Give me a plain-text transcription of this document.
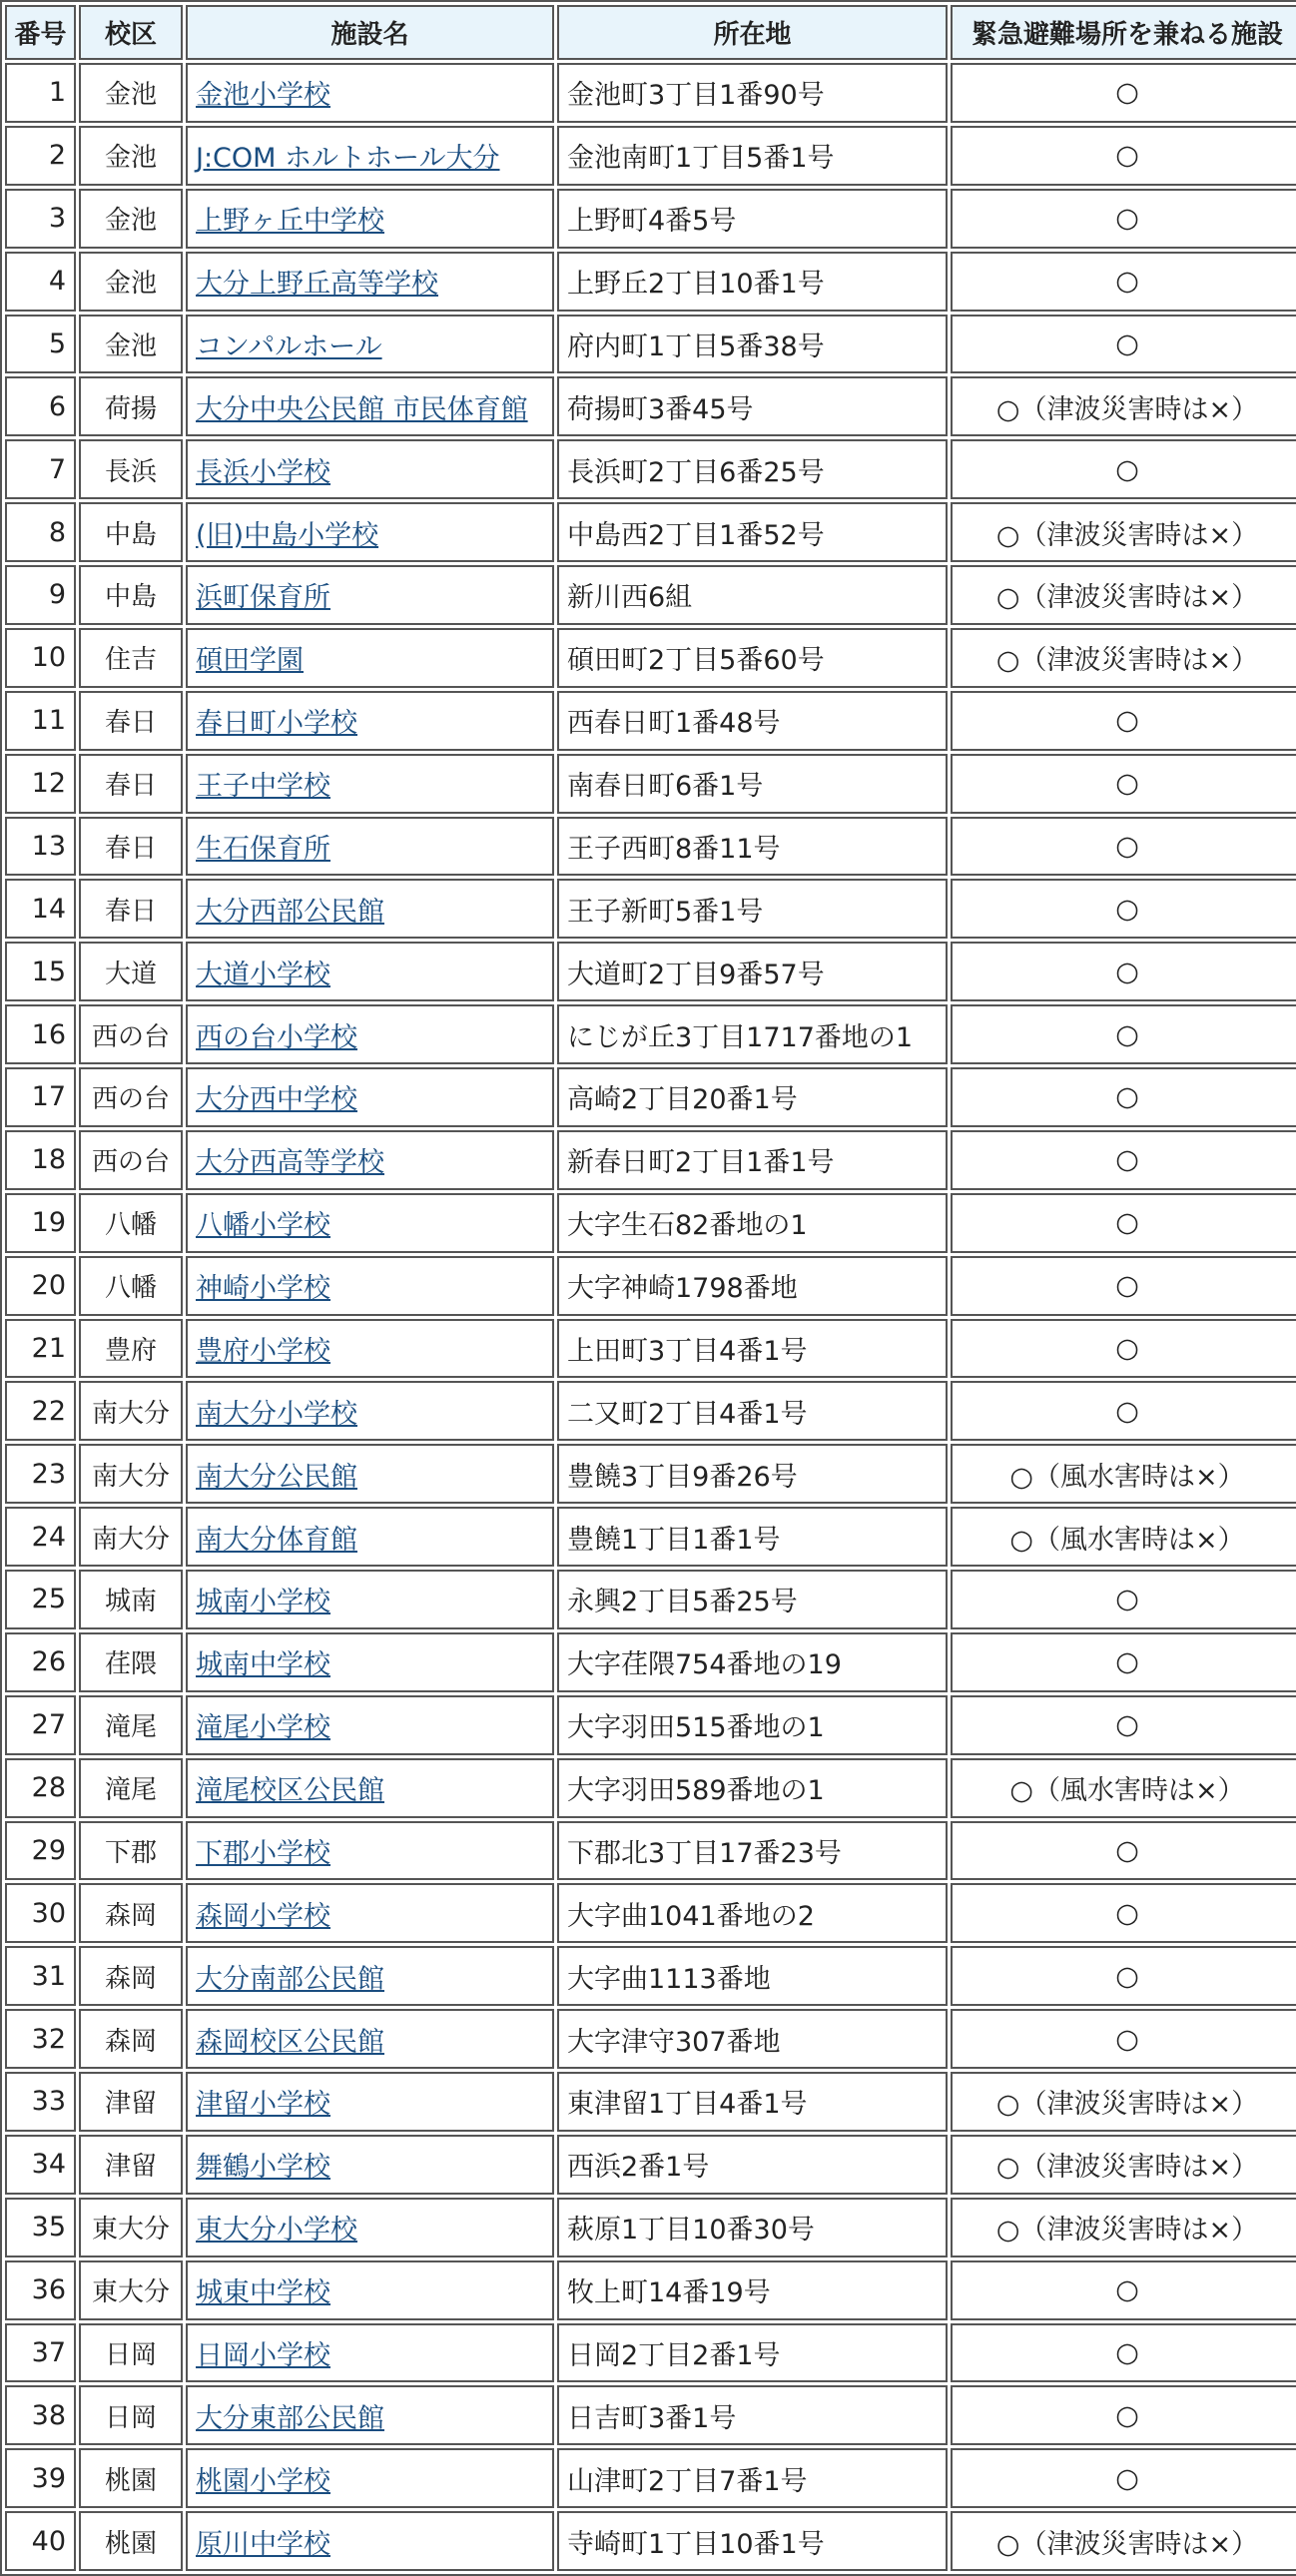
番号	校区	施設名	所在地	緊急避難場所を兼ねる施設
1	金池	金池小学校	金池町3丁目1番90号	○
2	金池	J:COM ホルトホール大分	金池南町1丁目5番1号	○
3	金池	上野ヶ丘中学校	上野町4番5号	○
4	金池	大分上野丘高等学校	上野丘2丁目10番1号	○
5	金池	コンパルホール	府内町1丁目5番38号	○
6	荷揚	大分中央公民館 市民体育館	荷揚町3番45号	○（津波災害時は×）
7	長浜	長浜小学校	長浜町2丁目6番25号	○
8	中島	(旧)中島小学校	中島西2丁目1番52号	○（津波災害時は×）
9	中島	浜町保育所	新川西6組	○（津波災害時は×）
10	住吉	碩田学園	碩田町2丁目5番60号	○（津波災害時は×）
11	春日	春日町小学校	西春日町1番48号	○
12	春日	王子中学校	南春日町6番1号	○
13	春日	生石保育所	王子西町8番11号	○
14	春日	大分西部公民館	王子新町5番1号	○
15	大道	大道小学校	大道町2丁目9番57号	○
16	西の台	西の台小学校	にじが丘3丁目1717番地の1	○
17	西の台	大分西中学校	高崎2丁目20番1号	○
18	西の台	大分西高等学校	新春日町2丁目1番1号	○
19	八幡	八幡小学校	大字生石82番地の1	○
20	八幡	神崎小学校	大字神崎1798番地	○
21	豊府	豊府小学校	上田町3丁目4番1号	○
22	南大分	南大分小学校	二又町2丁目4番1号	○
23	南大分	南大分公民館	豊饒3丁目9番26号	○（風水害時は×）
24	南大分	南大分体育館	豊饒1丁目1番1号	○（風水害時は×）
25	城南	城南小学校	永興2丁目5番25号	○
26	荏隈	城南中学校	大字荏隈754番地の19	○
27	滝尾	滝尾小学校	大字羽田515番地の1	○
28	滝尾	滝尾校区公民館	大字羽田589番地の1	○（風水害時は×）
29	下郡	下郡小学校	下郡北3丁目17番23号	○
30	森岡	森岡小学校	大字曲1041番地の2	○
31	森岡	大分南部公民館	大字曲1113番地	○
32	森岡	森岡校区公民館	大字津守307番地	○
33	津留	津留小学校	東津留1丁目4番1号	○（津波災害時は×）
34	津留	舞鶴小学校	西浜2番1号	○（津波災害時は×）
35	東大分	東大分小学校	萩原1丁目10番30号	○（津波災害時は×）
36	東大分	城東中学校	牧上町14番19号	○
37	日岡	日岡小学校	日岡2丁目2番1号	○
38	日岡	大分東部公民館	日吉町3番1号	○
39	桃園	桃園小学校	山津町2丁目7番1号	○
40	桃園	原川中学校	寺崎町1丁目10番1号	○（津波災害時は×）
